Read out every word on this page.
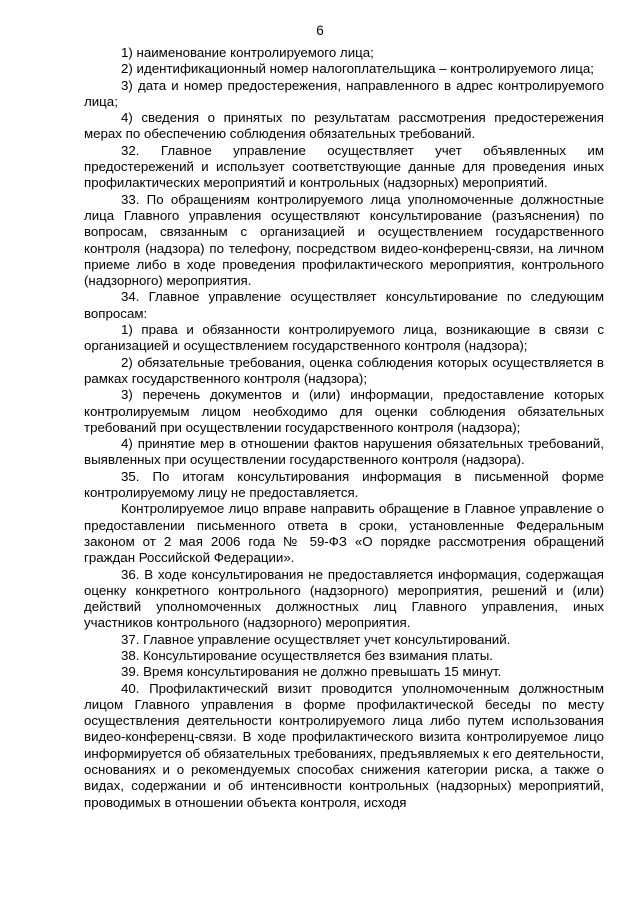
6

1) наименование контролируемого лица;

2) идентификационный номер налогоплательщика – контролируемого лица;

3) дата и номер предостережения, направленного в адрес контролируемого лица;

4) сведения о принятых по результатам рассмотрения предостережения мерах по обеспечению соблюдения обязательных требований.

32. Главное управление осуществляет учет объявленных им предостережений и использует соответствующие данные для проведения иных профилактических мероприятий и контрольных (надзорных) мероприятий.

33. По обращениям контролируемого лица уполномоченные должностные лица Главного управления осуществляют консультирование (разъяснения) по вопросам, связанным с организацией и осуществлением государственного контроля (надзора) по телефону, посредством видео-конференц-связи, на личном приеме либо в ходе проведения профилактического мероприятия, контрольного (надзорного) мероприятия.

34. Главное управление осуществляет консультирование по следующим вопросам:

1) права и обязанности контролируемого лица, возникающие в связи с организацией и осуществлением государственного контроля (надзора);

2) обязательные требования, оценка соблюдения которых осуществляется в рамках государственного контроля (надзора);

3) перечень документов и (или) информации, предоставление которых контролируемым лицом необходимо для оценки соблюдения обязательных требований при осуществлении государственного контроля (надзора);

4) принятие мер в отношении фактов нарушения обязательных требований, выявленных при осуществлении государственного контроля (надзора).

35. По итогам консультирования информация в письменной форме контролируемому лицу не предоставляется.

Контролируемое лицо вправе направить обращение в Главное управление о предоставлении письменного ответа в сроки, установленные Федеральным законом от 2 мая 2006 года № 59-ФЗ «О порядке рассмотрения обращений граждан Российской Федерации».

36. В ходе консультирования не предоставляется информация, содержащая оценку конкретного контрольного (надзорного) мероприятия, решений и (или) действий уполномоченных должностных лиц Главного управления, иных участников контрольного (надзорного) мероприятия.

37. Главное управление осуществляет учет консультирований.

38. Консультирование осуществляется без взимания платы.

39. Время консультирования не должно превышать 15 минут.

40. Профилактический визит проводится уполномоченным должностным лицом Главного управления в форме профилактической беседы по месту осуществления деятельности контролируемого лица либо путем использования видео-конференц-связи. В ходе профилактического визита контролируемое лицо информируется об обязательных требованиях, предъявляемых к его деятельности, основаниях и о рекомендуемых способах снижения категории риска, а также о видах, содержании и об интенсивности контрольных (надзорных) мероприятий, проводимых в отношении объекта контроля, исходя
